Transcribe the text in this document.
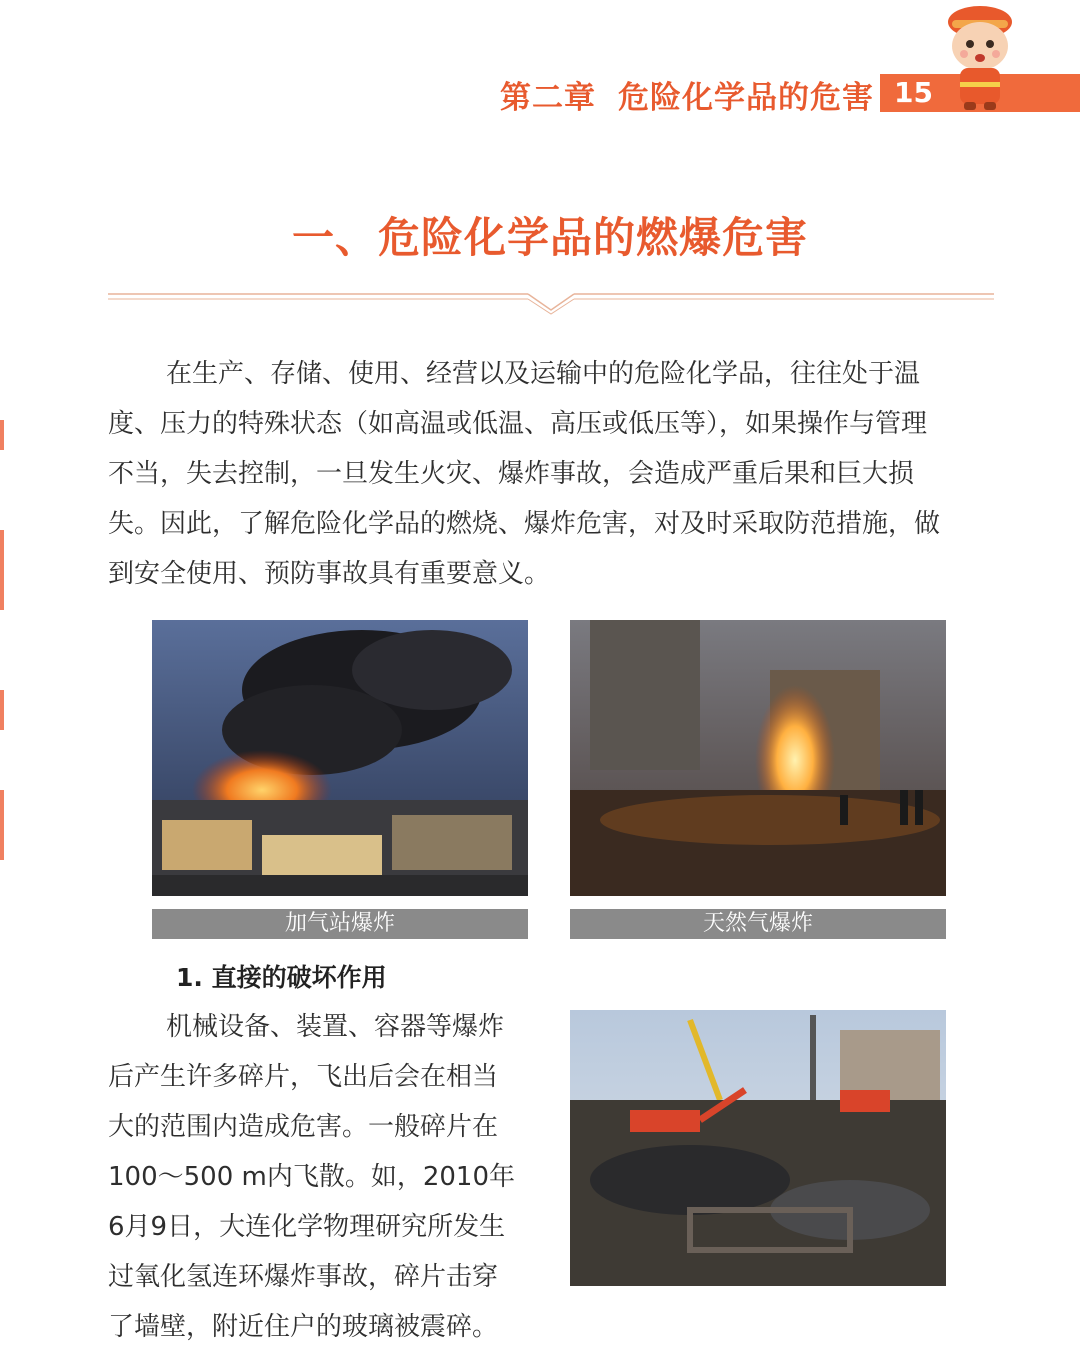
第二章 危险化学品的危害 15
一、危险化学品的燃爆危害
在生产、存储、使用、经营以及运输中的危险化学品，往往处于温
度、压力的特殊状态（如高温或低温、高压或低压等），如果操作与管理
不当，失去控制，一旦发生火灾、爆炸事故，会造成严重后果和巨大损
失。因此，了解危险化学品的燃烧、爆炸危害，对及时采取防范措施，做
到安全使用、预防事故具有重要意义。
加气站爆炸	天然气爆炸
1. 直接的破坏作用
机械设备、装置、容器等爆炸
后产生许多碎片，飞出后会在相当
大的范围内造成危害。一般碎片在
100～500 m内飞散。如，2010年
6月9日，大连化学物理研究所发生
过氧化氢连环爆炸事故，碎片击穿
了墙壁，附近住户的玻璃被震碎。
